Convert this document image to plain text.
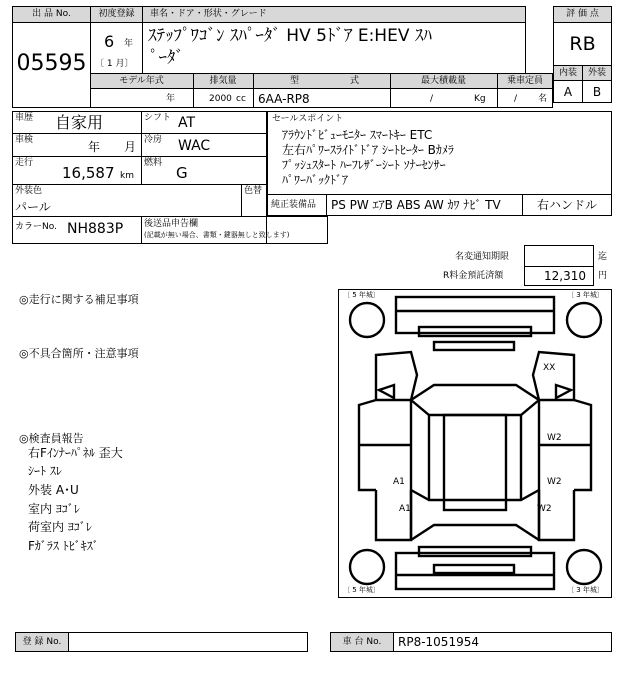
出 品 No.
05595
初度登録
6 年
〔 1 月〕
車名・ドア・形状・グレード
ｽﾃｯﾌﾟﾜｺﾞﾝ ｽﾊﾟｰﾀﾞ HV 5ﾄﾞｱ E:HEV ｽﾊ
ﾟｰﾀﾞ
評 価 点
RB
内装	外装
A	B
モデル年式
年
排気量
2000 cc
型	式
6AA-RP8
最大積載量
/	Kg
乗車定員
/ 名
車歴 自家用	シフト AT
車検	年 月 冷房 WAC
走行
16,587 km
燃料
G
外装色
パール
色替
カラーNo. NH883P 後送品申告欄
(記載が無い場合、書類・鍵器無しと致します)
セールスポイント
ｱﾗｳﾝﾄﾞﾋﾞｭｰﾓﾆﾀｰ ｽﾏｰﾄｷｰ ETC
左右ﾊﾟﾜｰｽﾗｲﾄﾞﾄﾞｱ ｼｰﾄﾋｰﾀｰ Bｶﾒﾗ
ﾌﾟｯｼｭｽﾀｰﾄ ﾊｰﾌﾚｻﾞｰｼｰﾄ ｿﾅｰｾﾝｻｰ
ﾊﾟﾜｰﾊﾞｯｸﾄﾞｱ
純正装備品 PS PW ｴｱB ABS AW ｶﾜ ﾅﾋﾞ TV	右ハンドル
名変通知期限	迄
R料金預託済額	12,310 円
◎走行に関する補足事項
◎不具合箇所・注意事項
◎検査員報告
右Fｲﾝﾅｰﾊﾟﾈﾙ 歪大
ｼｰﾄ ｽﾚ
外装 A･U
室内 ﾖｺﾞﾚ
荷室内 ﾖｺﾞﾚ
Fｶﾞﾗｽ ﾄﾋﾞｷｽﾞ
〔 5 年城〕	〔 3 年城〕
〔 5 年城〕	〔 3 年城〕
XX
W2
A1	W2
A1	W2
登 録 No.	車 台 No.	RP8-1051954
